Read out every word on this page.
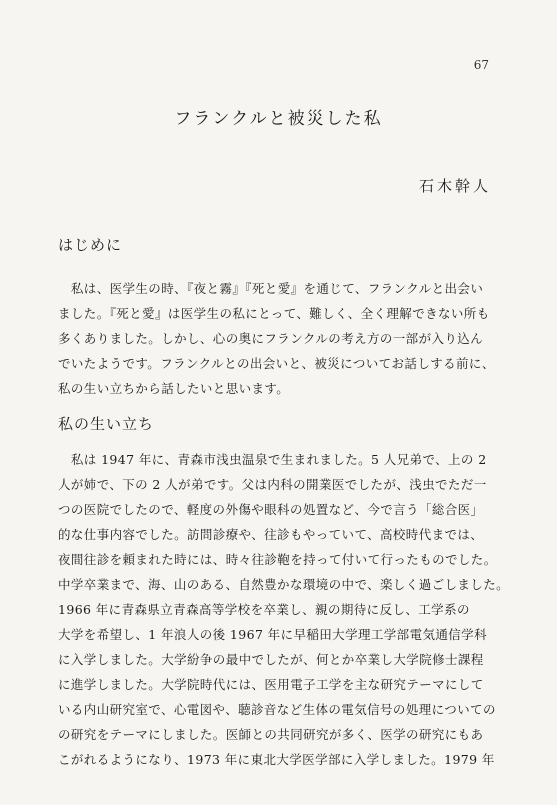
67
フランクルと被災した私
石木幹人
はじめに
　私は、医学生の時、『夜と霧』『死と愛』を通じて、フランクルと出会い
ました。『死と愛』は医学生の私にとって、難しく、全く理解できない所も
多くありました。しかし、心の奥にフランクルの考え方の一部が入り込ん
でいたようです。フランクルとの出会いと、被災についてお話しする前に、
私の生い立ちから話したいと思います。
私の生い立ち
　私は 1947 年に、青森市浅虫温泉で生まれました。5 人兄弟で、上の 2
人が姉で、下の 2 人が弟です。父は内科の開業医でしたが、浅虫でただ一
つの医院でしたので、軽度の外傷や眼科の処置など、今で言う「総合医」
的な仕事内容でした。訪問診療や、往診もやっていて、高校時代までは、
夜間往診を頼まれた時には、時々往診鞄を持って付いて行ったものでした。
中学卒業まで、海、山のある、自然豊かな環境の中で、楽しく過ごしました。
1966 年に青森県立青森高等学校を卒業し、親の期待に反し、工学系の
大学を希望し、1 年浪人の後 1967 年に早稲田大学理工学部電気通信学科
に入学しました。大学紛争の最中でしたが、何とか卒業し大学院修士課程
に進学しました。大学院時代には、医用電子工学を主な研究テーマにして
いる内山研究室で、心電図や、聴診音など生体の電気信号の処理についての
の研究をテーマにしました。医師との共同研究が多く、医学の研究にもあ
こがれるようになり、1973 年に東北大学医学部に入学しました。1979 年
